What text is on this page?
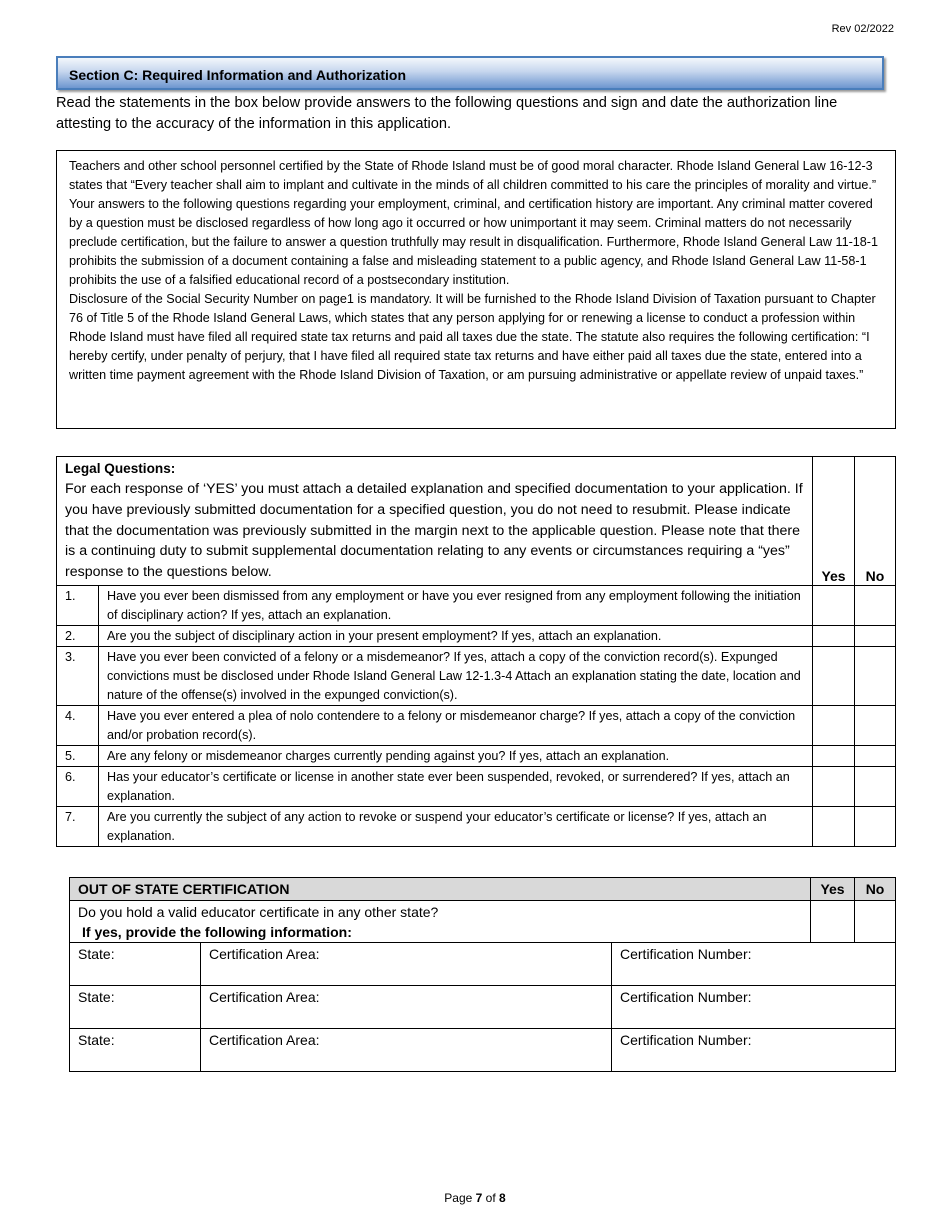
Rev 02/2022
Section C: Required Information and Authorization

Read the statements in the box below provide answers to the following questions and sign and date the authorization line attesting to the accuracy of the information in this application.

Teachers and other school personnel certified by the State of Rhode Island must be of good moral character. Rhode Island General Law 16-12-3 states that “Every teacher shall aim to implant and cultivate in the minds of all children committed to his care the principles of morality and virtue.” Your answers to the following questions regarding your employment, criminal, and certification history are important. Any criminal matter covered by a question must be disclosed regardless of how long ago it occurred or how unimportant it may seem. Criminal matters do not necessarily preclude certification, but the failure to answer a question truthfully may result in disqualification. Furthermore, Rhode Island General Law 11-18-1 prohibits the submission of a document containing a false and misleading statement to a public agency, and Rhode Island General Law 11-58-1 prohibits the use of a falsified educational record of a postsecondary institution.

Disclosure of the Social Security Number on page1 is mandatory. It will be furnished to the Rhode Island Division of Taxation pursuant to Chapter 76 of Title 5 of the Rhode Island General Laws, which states that any person applying for or renewing a license to conduct a profession within Rhode Island must have filed all required state tax returns and paid all taxes due the state. The statute also requires the following certification: “I hereby certify, under penalty of perjury, that I have filed all required state tax returns and have either paid all taxes due the state, entered into a written time payment agreement with the Rhode Island Division of Taxation, or am pursuing administrative or appellate review of unpaid taxes.”

Legal Questions:
For each response of ‘YES’ you must attach a detailed explanation and specified documentation to your application. If you have previously submitted documentation for a specified question, you do not need to resubmit. Please indicate that the documentation was previously submitted in the margin next to the applicable question. Please note that there is a continuing duty to submit supplemental documentation relating to any events or circumstances requiring a “yes” response to the questions below.		Yes	No
1.	Have you ever been dismissed from any employment or have you ever resigned from any employment following the initiation of disciplinary action? If yes, attach an explanation.		
2.	Are you the subject of disciplinary action in your present employment? If yes, attach an explanation.		
3.	Have you ever been convicted of a felony or a misdemeanor? If yes, attach a copy of the conviction record(s). Expunged convictions must be disclosed under Rhode Island General Law 12-1.3-4 Attach an explanation stating the date, location and nature of the offense(s) involved in the expunged conviction(s).		
4.	Have you ever entered a plea of nolo contendere to a felony or misdemeanor charge? If yes, attach a copy of the conviction and/or probation record(s).		
5.	Are any felony or misdemeanor charges currently pending against you? If yes, attach an explanation.		
6.	Has your educator’s certificate or license in another state ever been suspended, revoked, or surrendered? If yes, attach an explanation.		
7.	Are you currently the subject of any action to revoke or suspend your educator’s certificate or license? If yes, attach an explanation.		
OUT OF STATE CERTIFICATION			Yes	No

Do you hold a valid educator certificate in any other state?
If yes, provide the following information:				

State:	Certification Area:	Certification Number:		
State:	Certification Area:	Certification Number:		
State:	Certification Area:	Certification Number:		
Page 7 of 8
